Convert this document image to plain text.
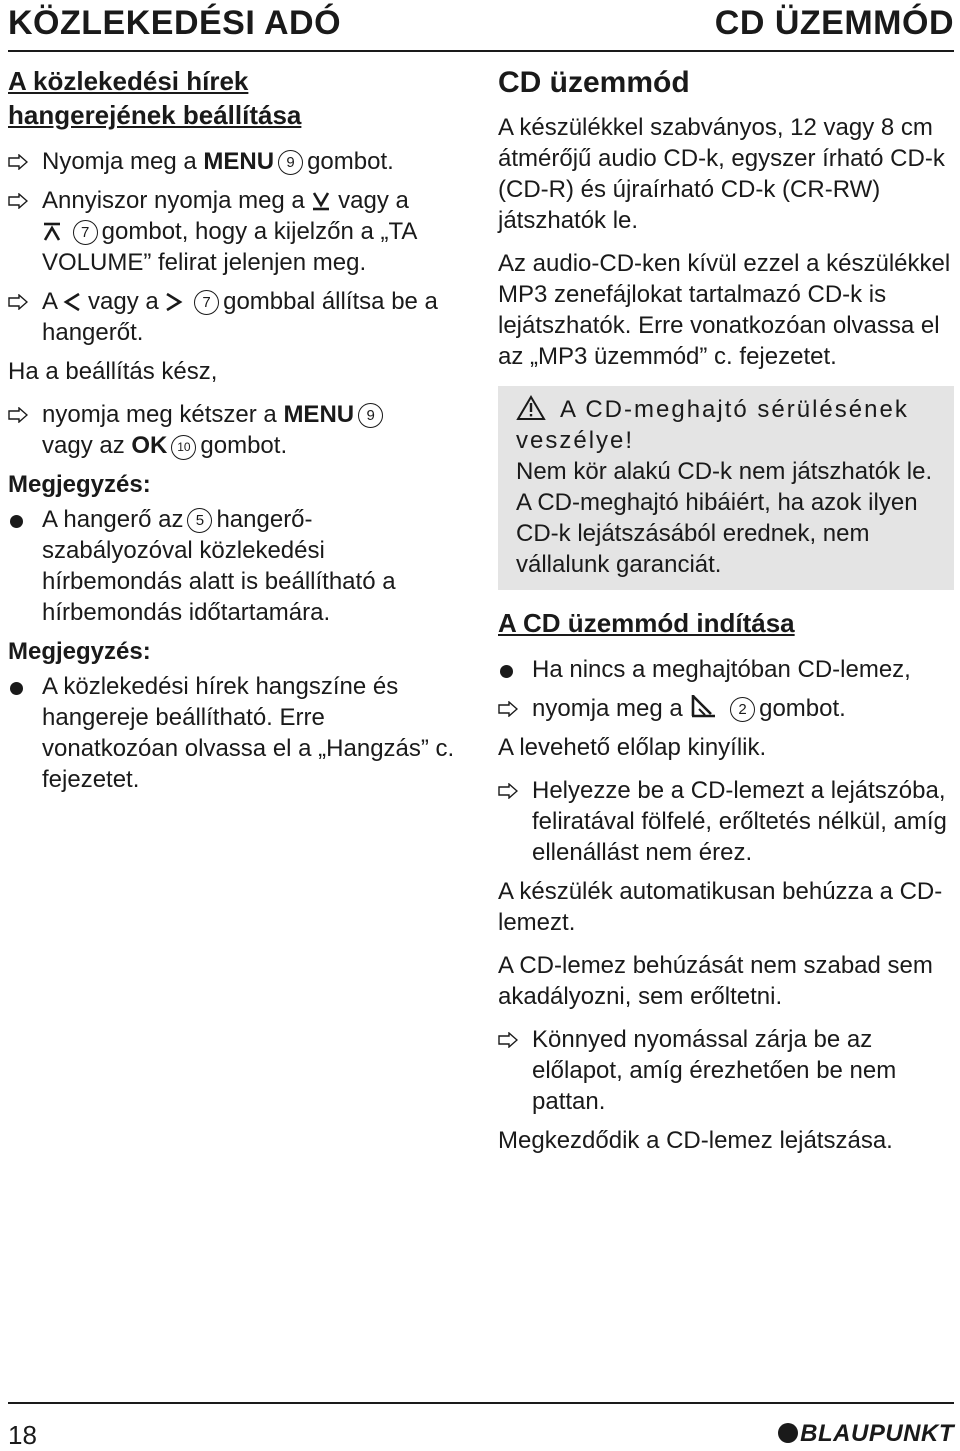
KÖZLEKEDÉSI ADÓ	CD ÜZEMMÓD
A közlekedési hírek
hangerejének beállítása
Nyomja meg a MENU 9 gombot.
Annyiszor nyomja meg a vagy a
7 gombot, hogy a kijelzőn a „TA VOLUME” felirat jelenjen meg.
A vagy a	7 gombbal állítsa be a hangerőt.

Ha a beállítás kész,

nyomja meg kétszer a MENU 9
vagy az OK 10 gombot.

Megjegyzés:

A hangerő az 5 hangerő-szabályozóval közlekedési hírbemondás alatt is beállítható a hírbemondás időtartamára.

Megjegyzés:

A közlekedési hírek hangszíne és hangereje beállítható. Erre vonatkozóan olvassa el a „Hangzás” c. fejezetet.
CD üzemmód

A készülékkel szabványos, 12 vagy 8 cm átmérőjű audio CD-k, egyszer írható CD-k (CD-R) és újraírható CD-k (CR-RW) játszhatók le.

Az audio-CD-ken kívül ezzel a készülékkel MP3 zenefájlokat tartalmazó CD-k is lejátszhatók. Erre vonatkozóan olvassa el az „MP3 üzemmód” c. fejezetet.

A CD-meghajtó sérülésének veszélye!

Nem kör alakú CD-k nem játszhatók le.

A CD-meghajtó hibáiért, ha azok ilyen CD-k lejátszásából erednek, nem vállalunk garanciát.

A CD üzemmód indítása
Ha nincs a meghajtóban CD-lemez,
nyomja meg a	2 gombot.

A levehető előlap kinyílik.

Helyezze be a CD-lemezt a lejátszóba, feliratával fölfelé, erőltetés nélkül, amíg ellenállást nem érez.

A készülék automatikusan behúzza a CD-lemezt.

A CD-lemez behúzását nem szabad sem akadályozni, sem erőltetni.

Könnyed nyomással zárja be az előlapot, amíg érezhetően be nem pattan.

Megkezdődik a CD-lemez lejátszása.

18	BLAUPUNKT
